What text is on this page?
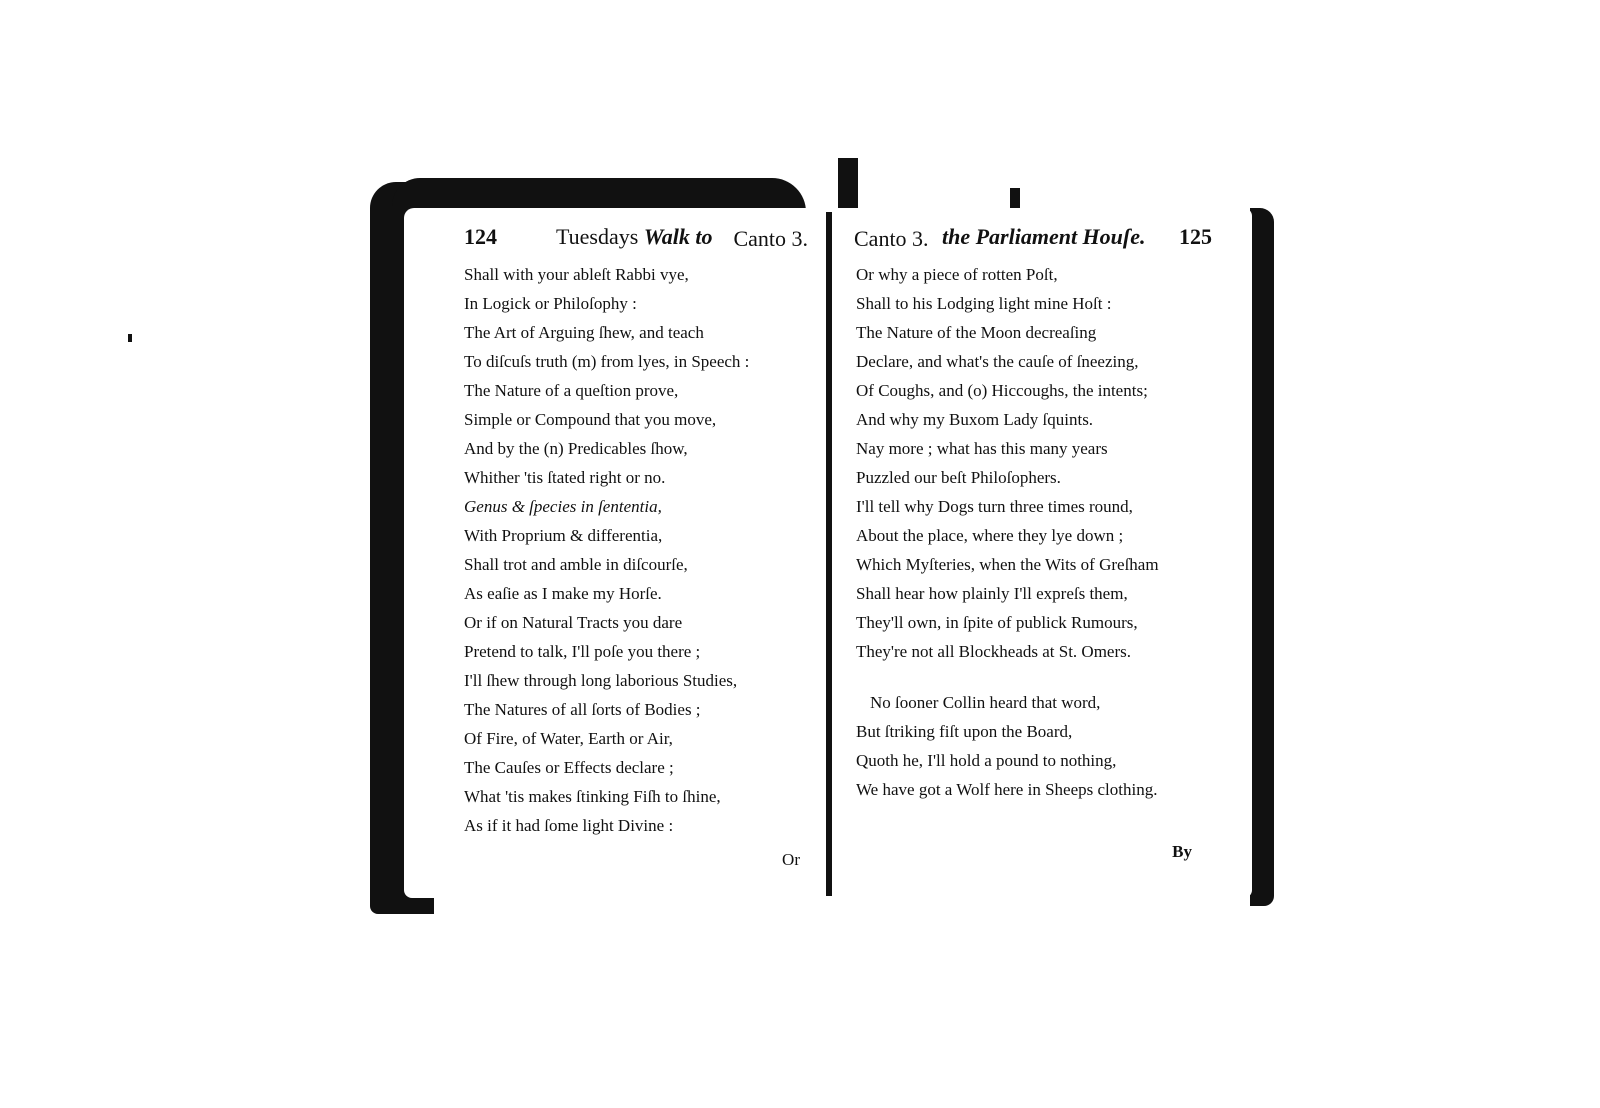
124	Tuesdays Walk to Canto 3.
Shall with your ableſt Rabbi vye,
In Logick or Philoſophy :
The Art of Arguing ſhew, and teach
To diſcuſs truth (m) from lyes, in Speech :
The Nature of a queſtion prove,
Simple or Compound that you move,
And by the (n) Predicables ſhow,
Whither 'tis ſtated right or no.
Genus & ſpecies in ſententia,
With Proprium & differentia,
Shall trot and amble in diſcourſe,
As eaſie as I make my Horſe.
Or if on Natural Tracts you dare
Pretend to talk, I'll poſe you there ;
I'll ſhew through long laborious Studies,
The Natures of all ſorts of Bodies ;
Of Fire, of Water, Earth or Air,
The Cauſes or Effects declare ;
What 'tis makes ſtinking Fiſh to ſhine,
As if it had ſome light Divine :
Or
Canto 3. the Parliament Houſe. 125
Or why a piece of rotten Poſt,
Shall to his Lodging light mine Hoſt :
The Nature of the Moon decreaſing
Declare, and what's the cauſe of ſneezing,
Of Coughs, and (o) Hiccoughs, the intents;
And why my Buxom Lady ſquints.
Nay more ; what has this many years
Puzzled our beſt Philoſophers.
I'll tell why Dogs turn three times round,
About the place, where they lye down ;
Which Myſteries, when the Wits of Greſham
Shall hear how plainly I'll expreſs them,
They'll own, in ſpite of publick Rumours,
They're not all Blockheads at St. Omers.
No ſooner Collin heard that word,
But ſtriking fiſt upon the Board,
Quoth he, I'll hold a pound to nothing,
We have got a Wolf here in Sheeps clothing.
By
